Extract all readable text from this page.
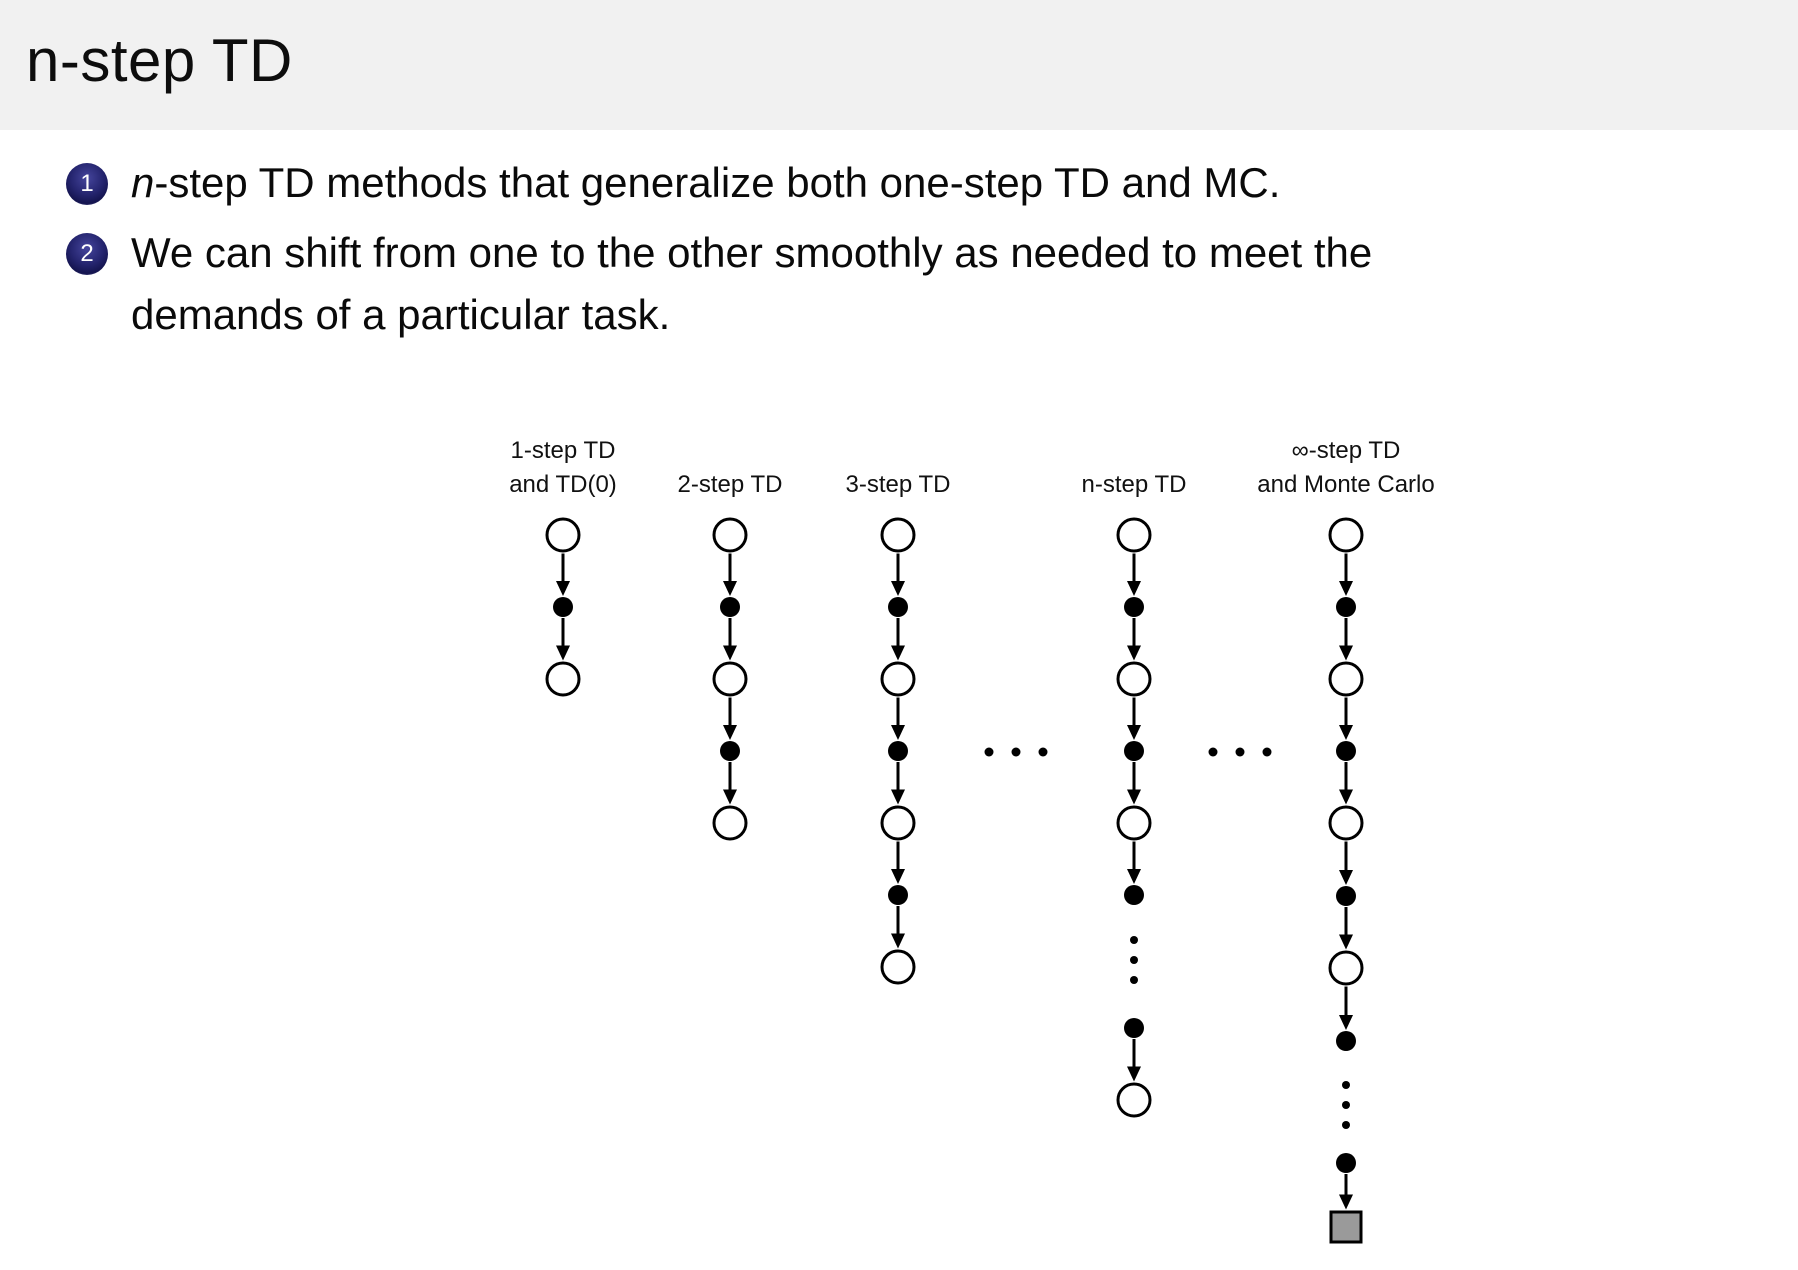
n-step TD
1 n-step TD methods that generalize both one-step TD and MC.
2 We can shift from one to the other smoothly as needed to meet the
demands of a particular task.
1-step TD
and TD(0)	2-step TD	3-step TD	n-step TD
∞-step TD
and Monte Carlo
